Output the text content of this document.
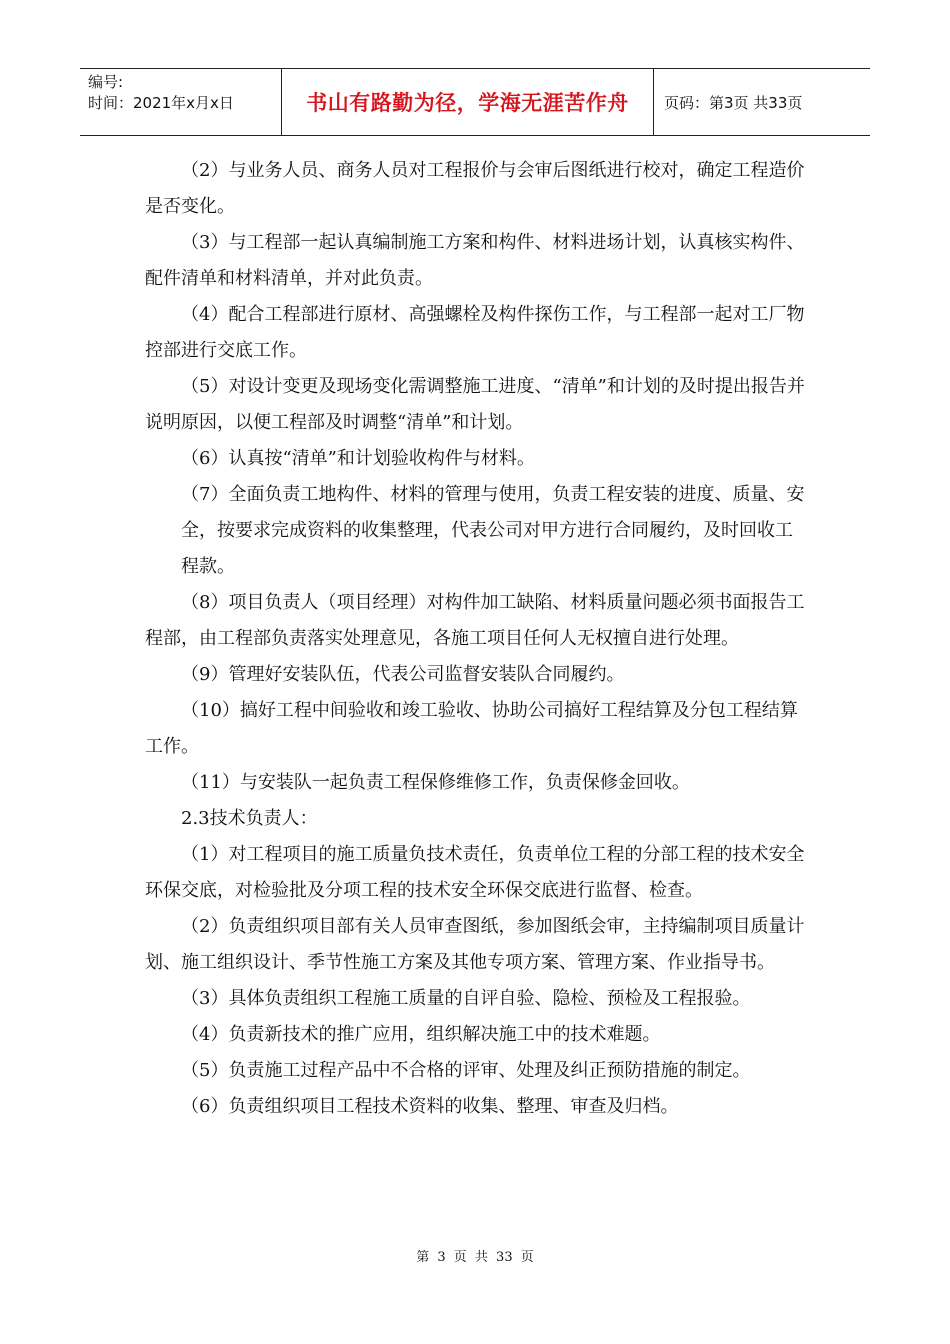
编号:
时间：2021年x月x日	书山有路勤为径，学海无涯苦作舟	页码：第3页 共33页

（2）与业务人员、商务人员对工程报价与会审后图纸进行校对，确定工程造价是否变化。

（3）与工程部一起认真编制施工方案和构件、材料进场计划，认真核实构件、配件清单和材料清单，并对此负责。

（4）配合工程部进行原材、高强螺栓及构件探伤工作，与工程部一起对工厂物控部进行交底工作。

（5）对设计变更及现场变化需调整施工进度、“清单”和计划的及时提出报告并说明原因，以便工程部及时调整“清单”和计划。

（6）认真按“清单”和计划验收构件与材料。

（7）全面负责工地构件、材料的管理与使用，负责工程安装的进度、质量、安全，按要求完成资料的收集整理，代表公司对甲方进行合同履约，及时回收工程款。

（8）项目负责人（项目经理）对构件加工缺陷、材料质量问题必须书面报告工程部，由工程部负责落实处理意见，各施工项目任何人无权擅自进行处理。

（9）管理好安装队伍，代表公司监督安装队合同履约。

（10）搞好工程中间验收和竣工验收、协助公司搞好工程结算及分包工程结算工作。

（11）与安装队一起负责工程保修维修工作，负责保修金回收。

2.3技术负责人：

（1）对工程项目的施工质量负技术责任，负责单位工程的分部工程的技术安全环保交底，对检验批及分项工程的技术安全环保交底进行监督、检查。

（2）负责组织项目部有关人员审查图纸，参加图纸会审，主持编制项目质量计划、施工组织设计、季节性施工方案及其他专项方案、管理方案、作业指导书。

（3）具体负责组织工程施工质量的自评自验、隐检、预检及工程报验。

（4）负责新技术的推广应用，组织解决施工中的技术难题。

（5）负责施工过程产品中不合格的评审、处理及纠正预防措施的制定。

（6）负责组织项目工程技术资料的收集、整理、审查及归档。

第 3 页 共 33 页
